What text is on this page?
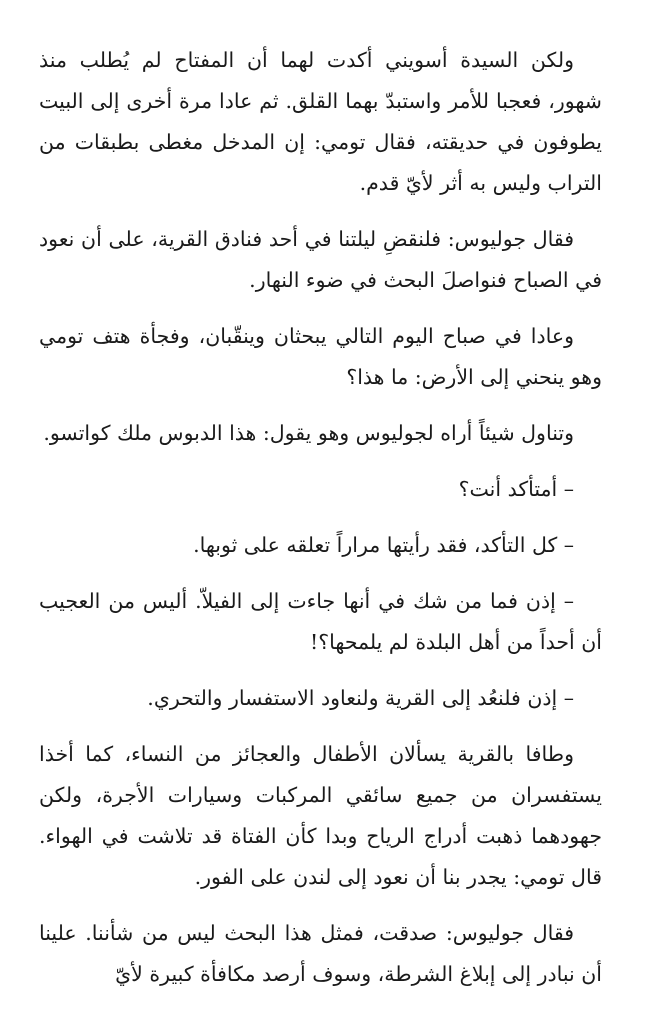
ولكن السيدة أسويني أكدت لهما أن المفتاح لم يُطلب منذ شهور، فعجبا للأمر واستبدّ بهما القلق. ثم عادا مرة أخرى إلى البيت يطوفون في حديقته، فقال تومي: إن المدخل مغطى بطبقات من التراب وليس به أثر لأيّ قدم.

فقال جوليوس: فلنقضِ ليلتنا في أحد فنادق القرية، على أن نعود في الصباح فنواصلَ البحث في ضوء النهار.

وعادا في صباح اليوم التالي يبحثان وينقّبان، وفجأة هتف تومي وهو ينحني إلى الأرض: ما هذا؟

وتناول شيئاً أراه لجوليوس وهو يقول: هذا الدبوس ملك كواتسو.

– أمتأكد أنت؟

– كل التأكد، فقد رأيتها مراراً تعلقه على ثوبها.

– إذن فما من شك في أنها جاءت إلى الفيلاّ. أليس من العجيب أن أحداً من أهل البلدة لم يلمحها؟!

– إذن فلنعُد إلى القرية ولنعاود الاستفسار والتحري.

وطافا بالقرية يسألان الأطفال والعجائز من النساء، كما أخذا يستفسران من جميع سائقي المركبات وسيارات الأجرة، ولكن جهودهما ذهبت أدراج الرياح وبدا كأن الفتاة قد تلاشت في الهواء. قال تومي: يجدر بنا أن نعود إلى لندن على الفور.

فقال جوليوس: صدقت، فمثل هذا البحث ليس من شأننا. علينا أن نبادر إلى إبلاغ الشرطة، وسوف أرصد مكافأة كبيرة لأيّ
